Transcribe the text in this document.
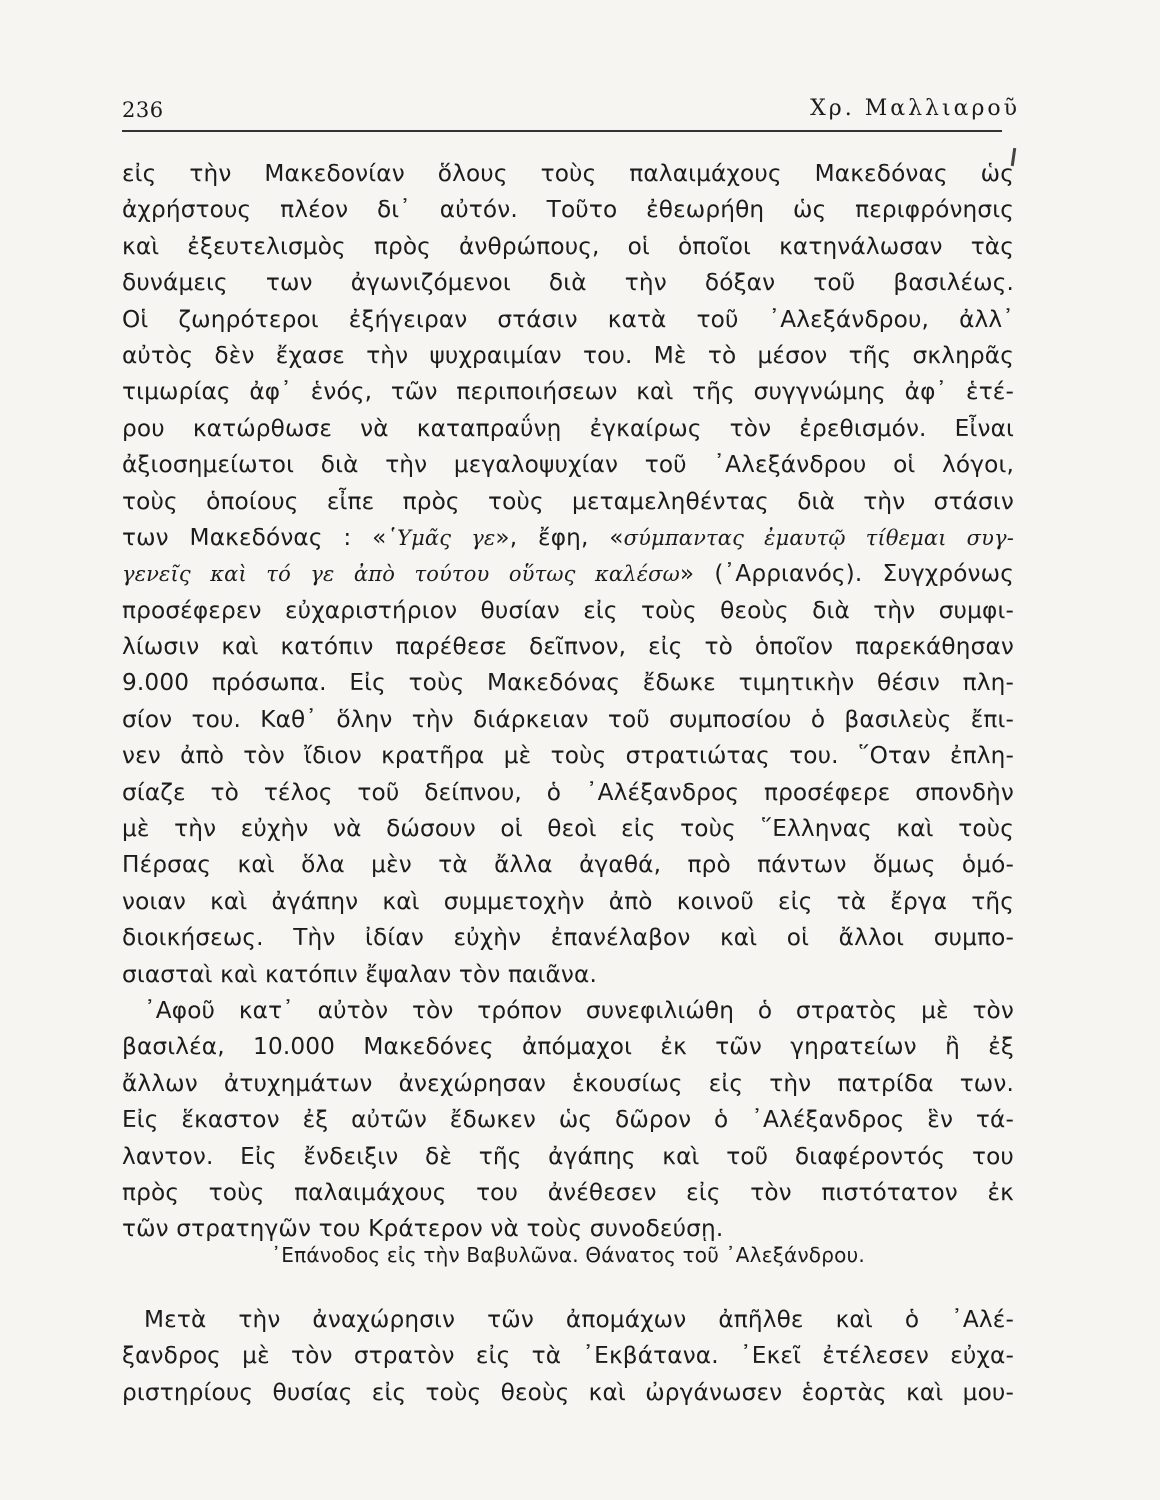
236	Χρ. Μαλλιαροῦ
εἰς τὴν Μακεδονίαν ὅλους τοὺς παλαιμάχους Μακεδόνας ὡς
ἀχρήστους πλέον δι᾿ αὐτόν. Τοῦτο ἐθεωρήθη ὡς περιφρόνησις
καὶ ἐξευτελισμὸς πρὸς ἀνθρώπους, οἱ ὁποῖοι κατηνάλωσαν τὰς
δυνάμεις των ἀγωνιζόμενοι διὰ τὴν δόξαν τοῦ βασιλέως.
Οἱ ζωηρότεροι ἐξήγειραν στάσιν κατὰ τοῦ ᾿Αλεξάνδρου, ἀλλ᾿
αὐτὸς δὲν ἔχασε τὴν ψυχραιμίαν του. Μὲ τὸ μέσον τῆς σκληρᾶς
τιμωρίας ἀφ᾿ ἑνός, τῶν περιποιήσεων καὶ τῆς συγγνώμης ἀφ᾿ ἑτέ-
ρου κατώρθωσε νὰ καταπραΰνῃ ἐγκαίρως τὸν ἐρεθισμόν. Εἶναι
ἀξιοσημείωτοι διὰ τὴν μεγαλοψυχίαν τοῦ ᾿Αλεξάνδρου οἱ λόγοι,
τοὺς ὁποίους εἶπε πρὸς τοὺς μεταμεληθέντας διὰ τὴν στάσιν
των Μακεδόνας : «῾Υμᾶς γε», ἔφη, «σύμπαντας ἐμαυτῷ τίθεμαι συγ-
γενεῖς καὶ τό γε ἀπὸ τούτου οὕτως καλέσω» (᾿Αρριανός). Συγχρόνως
προσέφερεν εὐχαριστήριον θυσίαν εἰς τοὺς θεοὺς διὰ τὴν συμφι-
λίωσιν καὶ κατόπιν παρέθεσε δεῖπνον, εἰς τὸ ὁποῖον παρεκάθησαν
9.000 πρόσωπα. Εἰς τοὺς Μακεδόνας ἔδωκε τιμητικὴν θέσιν πλη-
σίον του. Καθ᾿ ὅλην τὴν διάρκειαν τοῦ συμποσίου ὁ βασιλεὺς ἔπι-
νεν ἀπὸ τὸν ἴδιον κρατῆρα μὲ τοὺς στρατιώτας του. ῞Οταν ἐπλη-
σίαζε τὸ τέλος τοῦ δείπνου, ὁ ᾿Αλέξανδρος προσέφερε σπονδὴν
μὲ τὴν εὐχὴν νὰ δώσουν οἱ θεοὶ εἰς τοὺς ῞Ελληνας καὶ τοὺς
Πέρσας καὶ ὅλα μὲν τὰ ἄλλα ἀγαθά, πρὸ πάντων ὅμως ὁμό-
νοιαν καὶ ἀγάπην καὶ συμμετοχὴν ἀπὸ κοινοῦ εἰς τὰ ἔργα τῆς
διοικήσεως. Τὴν ἰδίαν εὐχὴν ἐπανέλαβον καὶ οἱ ἄλλοι συμπο-
σιασταὶ καὶ κατόπιν ἔψαλαν τὸν παιᾶνα.
᾿Αφοῦ κατ᾿ αὐτὸν τὸν τρόπον συνεφιλιώθη ὁ στρατὸς μὲ τὸν
βασιλέα, 10.000 Μακεδόνες ἀπόμαχοι ἐκ τῶν γηρατείων ἢ ἐξ
ἄλλων ἀτυχημάτων ἀνεχώρησαν ἑκουσίως εἰς τὴν πατρίδα των.
Εἰς ἕκαστον ἐξ αὐτῶν ἔδωκεν ὡς δῶρον ὁ ᾿Αλέξανδρος ἓν τά-
λαντον. Εἰς ἔνδειξιν δὲ τῆς ἀγάπης καὶ τοῦ διαφέροντός του
πρὸς τοὺς παλαιμάχους του ἀνέθεσεν εἰς τὸν πιστότατον ἐκ
τῶν στρατηγῶν του Κράτερον νὰ τοὺς συνοδεύσῃ.
᾿Επάνοδος εἰς τὴν Βαβυλῶνα. Θάνατος τοῦ ᾿Αλεξάνδρου.
Μετὰ τὴν ἀναχώρησιν τῶν ἀπομάχων ἀπῆλθε καὶ ὁ ᾿Αλέ-
ξανδρος μὲ τὸν στρατὸν εἰς τὰ ᾿Εκβάτανα. ᾿Εκεῖ ἐτέλεσεν εὐχα-
ριστηρίους θυσίας εἰς τοὺς θεοὺς καὶ ὠργάνωσεν ἑορτὰς καὶ μου-
